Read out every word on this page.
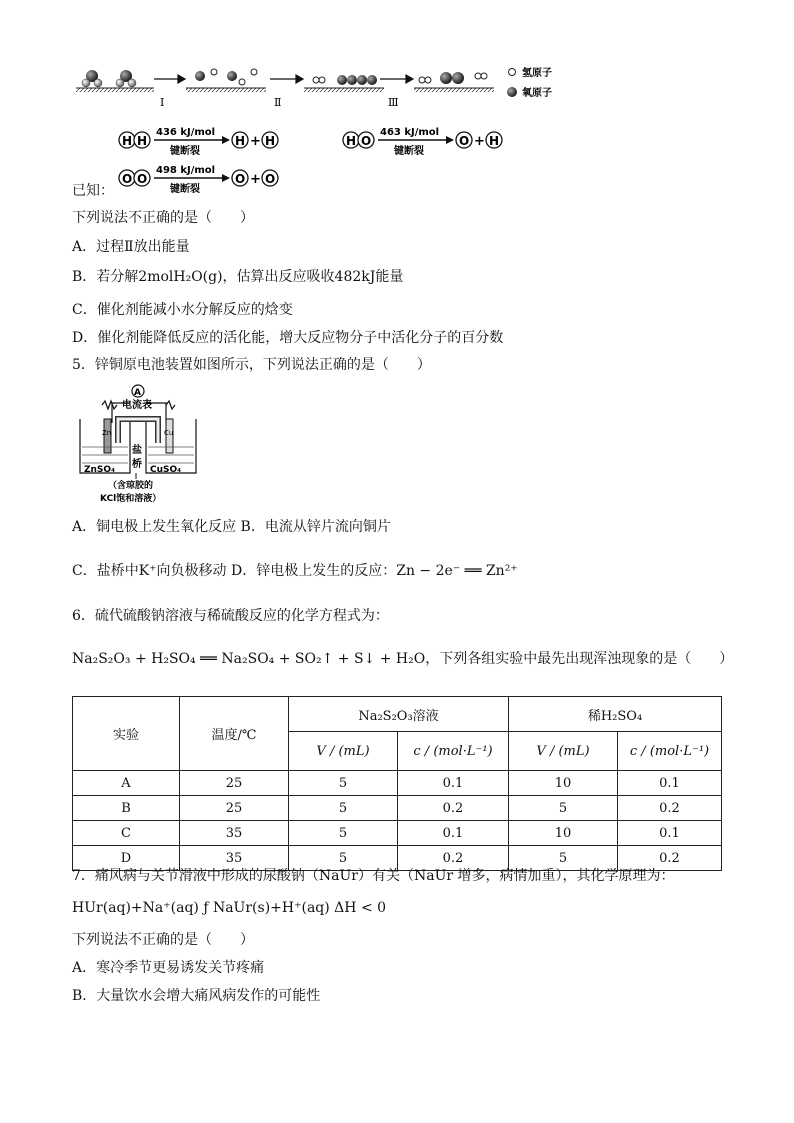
I	Ⅱ	Ⅲ
氢原子
氧原子
H H
436 kJ/mol
键断裂
H + H	H O
463 kJ/mol
键断裂
O + H
O O
498 kJ/mol
键断裂
O + O
已知：
下列说法不正确的是（　　）
A．过程Ⅱ放出能量
B．若分解2molH₂O(g)，估算出反应吸收482kJ能量
C．催化剂能减小水分解反应的焓变
D．催化剂能降低反应的活化能，增大反应物分子中活化分子的百分数
5．锌铜原电池装置如图所示，下列说法正确的是（　　）
A
电流表
Zn	Cu
ZnSO₄	CuSO₄
盐
桥
（含琼胶的
KCl饱和溶液）
A．铜电极上发生氧化反应 B．电流从锌片流向铜片
C．盐桥中K⁺向负极移动 D．锌电极上发生的反应：Zn − 2e⁻ ══ Zn²⁺
6．硫代硫酸钠溶液与稀硫酸反应的化学方程式为：
Na₂S₂O₃ + H₂SO₄ ══ Na₂SO₄ + SO₂↑ + S↓ + H₂O，下列各组实验中最先出现浑浊现象的是（　　）
实验	温度/℃	Na₂S₂O₃溶液		稀H₂SO₄	
		V / (mL)	c / (mol·L⁻¹)	V / (mL)	c / (mol·L⁻¹)
A	25	5	0.1	10	0.1
B	25	5	0.2	5	0.2
C	35	5	0.1	10	0.1
D	35	5	0.2	5	0.2
7．痛风病与关节滑液中形成的尿酸钠（NaUr）有关（NaUr 增多，病情加重），其化学原理为：
HUr(aq)+Na⁺(aq) ƒ NaUr(s)+H⁺(aq) ΔH < 0
下列说法不正确的是（　　）
A．寒冷季节更易诱发关节疼痛
B．大量饮水会增大痛风病发作的可能性
